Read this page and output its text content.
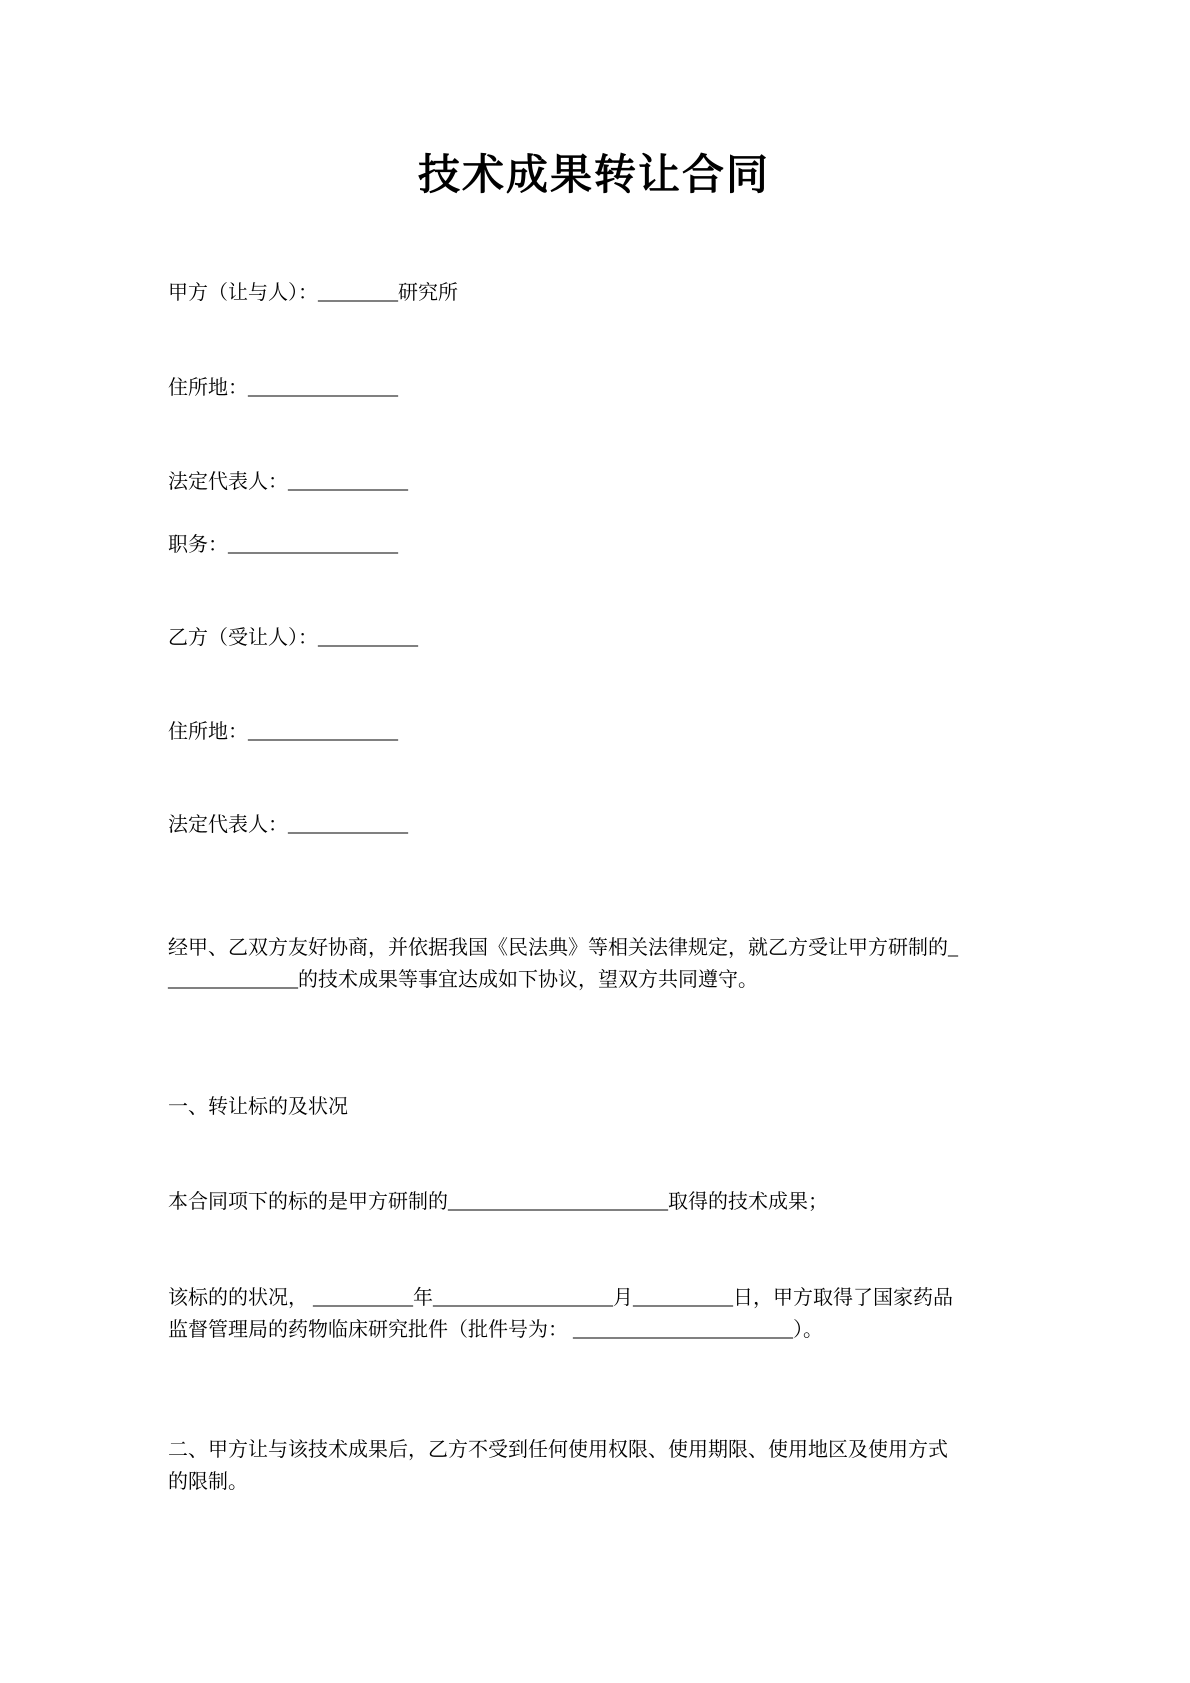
技术成果转让合同
甲方（让与人）：________研究所
住所地：_______________
法定代表人：____________
职务：_________________
乙方（受让人）：__________
住所地：_______________
法定代表人：____________
经甲、乙双方友好协商，并依据我国《民法典》等相关法律规定，就乙方受让甲方研制的_
_____________的技术成果等事宜达成如下协议，望双方共同遵守。
一、转让标的及状况
本合同项下的标的是甲方研制的______________________取得的技术成果；
该标的的状况， __________年__________________月__________日，甲方取得了国家药品
监督管理局的药物临床研究批件（批件号为： ______________________）。
二、甲方让与该技术成果后，乙方不受到任何使用权限、使用期限、使用地区及使用方式
的限制。
